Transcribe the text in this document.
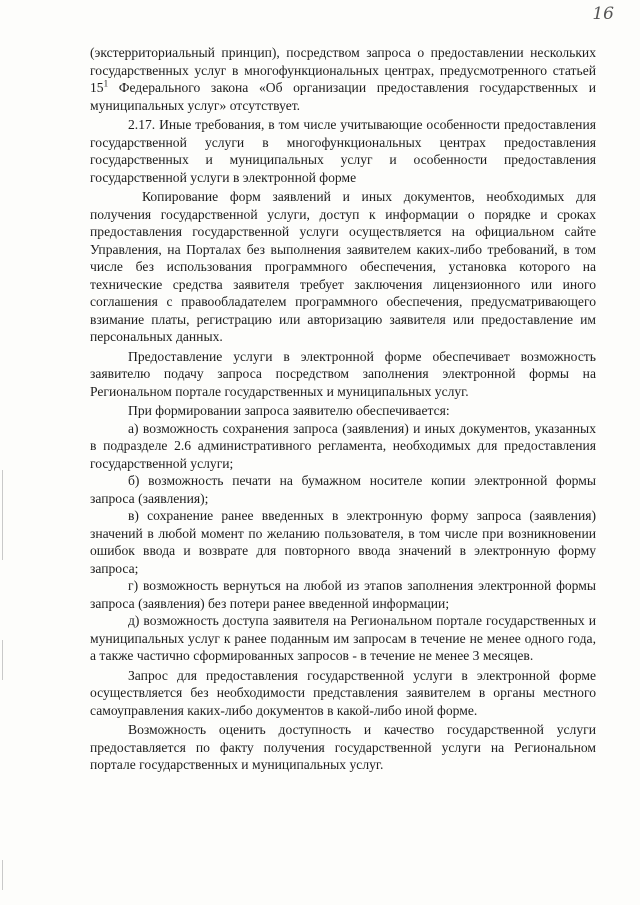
16

(экстерриториальный принцип), посредством запроса о предоставлении нескольких государственных услуг в многофункциональных центрах, предусмотренного статьей 15$^1$ Федерального закона «Об организации предоставления государственных и муниципальных услуг» отсутствует.

2.17. Иные требования, в том числе учитывающие особенности предоставления государственной услуги в многофункциональных центрах предоставления государственных и муниципальных услуг и особенности предоставления государственной услуги в электронной форме

Копирование форм заявлений и иных документов, необходимых для получения государственной услуги, доступ к информации о порядке и сроках предоставления государственной услуги осуществляется на официальном сайте Управления, на Порталах без выполнения заявителем каких-либо требований, в том числе без использования программного обеспечения, установка которого на технические средства заявителя требует заключения лицензионного или иного соглашения с правообладателем программного обеспечения, предусматривающего взимание платы, регистрацию или авторизацию заявителя или предоставление им персональных данных.

Предоставление услуги в электронной форме обеспечивает возможность заявителю подачу запроса посредством заполнения электронной формы на Региональном портале государственных и муниципальных услуг.

При формировании запроса заявителю обеспечивается:

а) возможность сохранения запроса (заявления) и иных документов, указанных в подразделе 2.6 административного регламента, необходимых для предоставления государственной услуги;

б) возможность печати на бумажном носителе копии электронной формы запроса (заявления);

в) сохранение ранее введенных в электронную форму запроса (заявления) значений в любой момент по желанию пользователя, в том числе при возникновении ошибок ввода и возврате для повторного ввода значений в электронную форму запроса;

г) возможность вернуться на любой из этапов заполнения электронной формы запроса (заявления) без потери ранее введенной информации;

д) возможность доступа заявителя на Региональном портале государственных и муниципальных услуг к ранее поданным им запросам в течение не менее одного года, а также частично сформированных запросов - в течение не менее 3 месяцев.

Запрос для предоставления государственной услуги в электронной форме осуществляется без необходимости представления заявителем в органы местного самоуправления каких-либо документов в какой-либо иной форме.

Возможность оценить доступность и качество государственной услуги предоставляется по факту получения государственной услуги на Региональном портале государственных и муниципальных услуг.
